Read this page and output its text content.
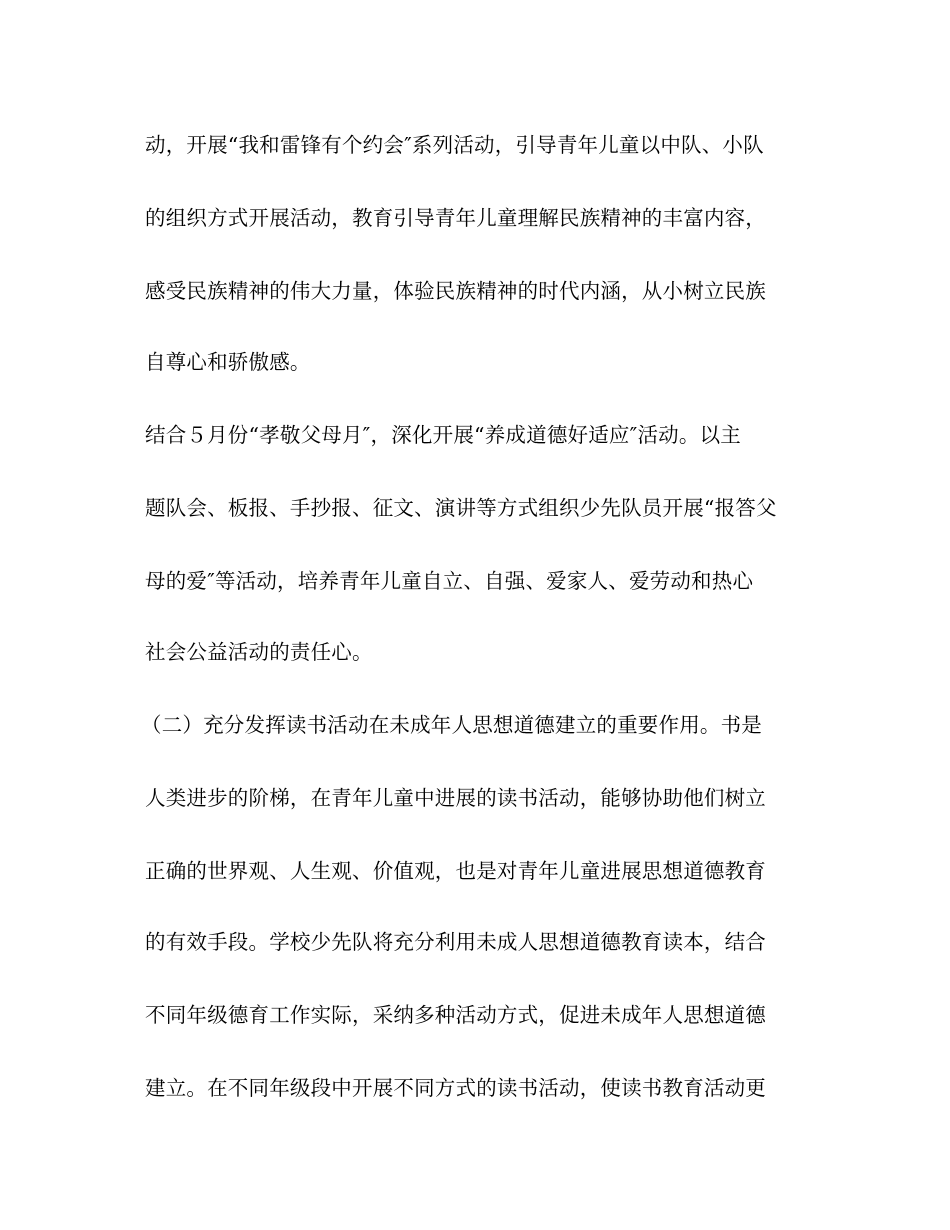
动，开展“我和雷锋有个约会″系列活动，引导青年儿童以中队、小队
的组织方式开展活动，教育引导青年儿童理解民族精神的丰富内容，
感受民族精神的伟大力量，体验民族精神的时代内涵，从小树立民族
自尊心和骄傲感。
结合５月份“孝敬父母月″，深化开展“养成道德好适应″活动。以主
题队会、板报、手抄报、征文、演讲等方式组织少先队员开展“报答父
母的爱″等活动，培养青年儿童自立、自强、爱家人、爱劳动和热心
社会公益活动的责任心。
（二）充分发挥读书活动在未成年人思想道德建立的重要作用。书是
人类进步的阶梯，在青年儿童中进展的读书活动，能够协助他们树立
正确的世界观、人生观、价值观，也是对青年儿童进展思想道德教育
的有效手段。学校少先队将充分利用未成人思想道德教育读本，结合
不同年级德育工作实际，采纳多种活动方式，促进未成年人思想道德
建立。在不同年级段中开展不同方式的读书活动，使读书教育活动更
